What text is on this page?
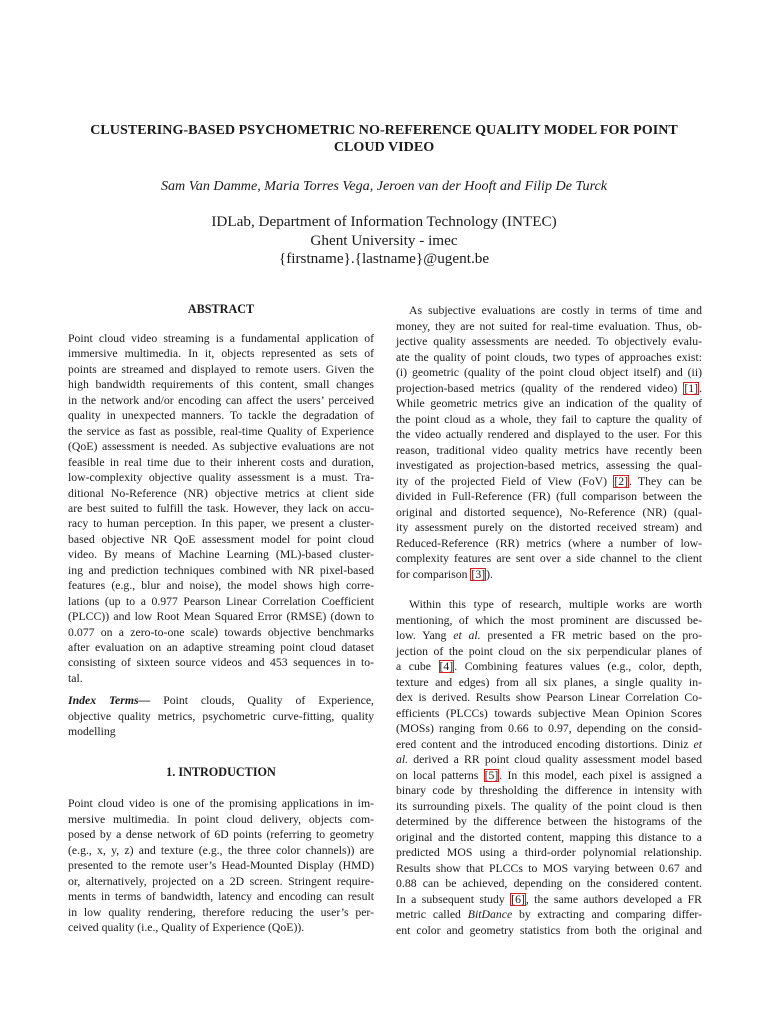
CLUSTERING-BASED PSYCHOMETRIC NO-REFERENCE QUALITY MODEL FOR POINT
CLOUD VIDEO
Sam Van Damme, Maria Torres Vega, Jeroen van der Hooft and Filip De Turck
IDLab, Department of Information Technology (INTEC)
Ghent University - imec
{firstname}.{lastname}@ugent.be
ABSTRACT
Point cloud video streaming is a fundamental application of
immersive multimedia. In it, objects represented as sets of
points are streamed and displayed to remote users. Given the
high bandwidth requirements of this content, small changes
in the network and/or encoding can affect the users’ perceived
quality in unexpected manners. To tackle the degradation of
the service as fast as possible, real-time Quality of Experience
(QoE) assessment is needed. As subjective evaluations are not
feasible in real time due to their inherent costs and duration,
low-complexity objective quality assessment is a must. Tra-
ditional No-Reference (NR) objective metrics at client side
are best suited to fulfill the task. However, they lack on accu-
racy to human perception. In this paper, we present a cluster-
based objective NR QoE assessment model for point cloud
video. By means of Machine Learning (ML)-based cluster-
ing and prediction techniques combined with NR pixel-based
features (e.g., blur and noise), the model shows high corre-
lations (up to a 0.977 Pearson Linear Correlation Coefficient
(PLCC)) and low Root Mean Squared Error (RMSE) (down to
0.077 on a zero-to-one scale) towards objective benchmarks
after evaluation on an adaptive streaming point cloud dataset
consisting of sixteen source videos and 453 sequences in to-
tal.
Index Terms— Point clouds, Quality of Experience,
objective quality metrics, psychometric curve-fitting, quality
modelling
1. INTRODUCTION
Point cloud video is one of the promising applications in im-
mersive multimedia. In point cloud delivery, objects com-
posed by a dense network of 6D points (referring to geometry
(e.g., x, y, z) and texture (e.g., the three color channels)) are
presented to the remote user’s Head-Mounted Display (HMD)
or, alternatively, projected on a 2D screen. Stringent require-
ments in terms of bandwidth, latency and encoding can result
in low quality rendering, therefore reducing the user’s per-
ceived quality (i.e., Quality of Experience (QoE)).
As subjective evaluations are costly in terms of time and
money, they are not suited for real-time evaluation. Thus, ob-
jective quality assessments are needed. To objectively evalu-
ate the quality of point clouds, two types of approaches exist:
(i) geometric (quality of the point cloud object itself) and (ii)
projection-based metrics (quality of the rendered video) [1].
While geometric metrics give an indication of the quality of
the point cloud as a whole, they fail to capture the quality of
the video actually rendered and displayed to the user. For this
reason, traditional video quality metrics have recently been
investigated as projection-based metrics, assessing the qual-
ity of the projected Field of View (FoV) [2]. They can be
divided in Full-Reference (FR) (full comparison between the
original and distorted sequence), No-Reference (NR) (qual-
ity assessment purely on the distorted received stream) and
Reduced-Reference (RR) metrics (where a number of low-
complexity features are sent over a side channel to the client
for comparison [3]).
Within this type of research, multiple works are worth
mentioning, of which the most prominent are discussed be-
low. Yang et al. presented a FR metric based on the pro-
jection of the point cloud on the six perpendicular planes of
a cube [4]. Combining features values (e.g., color, depth,
texture and edges) from all six planes, a single quality in-
dex is derived. Results show Pearson Linear Correlation Co-
efficients (PLCCs) towards subjective Mean Opinion Scores
(MOSs) ranging from 0.66 to 0.97, depending on the consid-
ered content and the introduced encoding distortions. Diniz et
al. derived a RR point cloud quality assessment model based
on local patterns [5]. In this model, each pixel is assigned a
binary code by thresholding the difference in intensity with
its surrounding pixels. The quality of the point cloud is then
determined by the difference between the histograms of the
original and the distorted content, mapping this distance to a
predicted MOS using a third-order polynomial relationship.
Results show that PLCCs to MOS varying between 0.67 and
0.88 can be achieved, depending on the considered content.
In a subsequent study [6], the same authors developed a FR
metric called BitDance by extracting and comparing differ-
ent color and geometry statistics from both the original and
